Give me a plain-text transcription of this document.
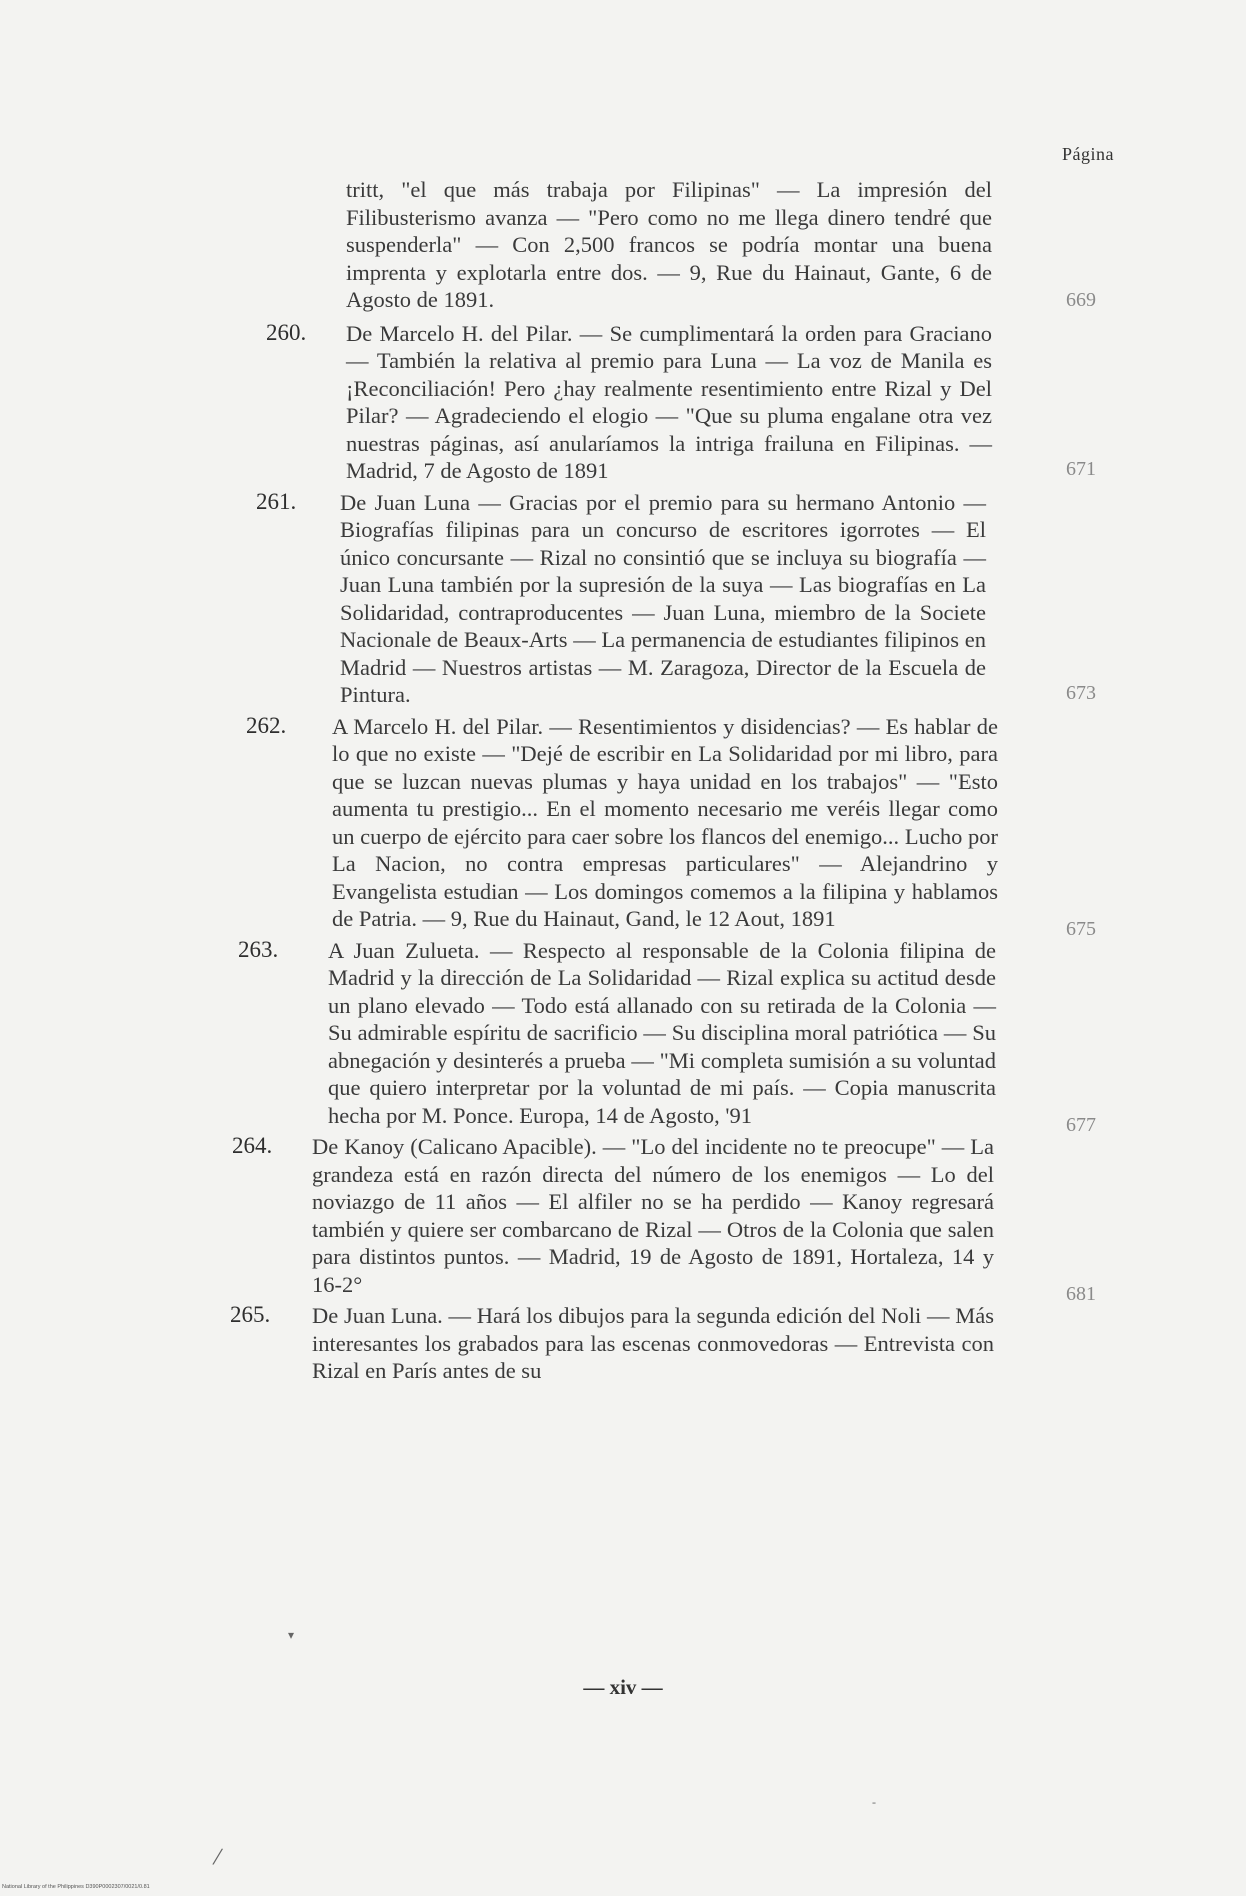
Página
tritt, "el que más trabaja por Filipinas" — La impresión del Filibusterismo avanza — "Pero como no me llega dinero tendré que suspenderla" — Con 2,500 francos se podría montar una buena imprenta y explotarla entre dos. — 9, Rue du Hainaut, Gante, 6 de Agosto de 1891.	669
260. De Marcelo H. del Pilar. — Se cumplimentará la orden para Graciano — También la relativa al premio para Luna — La voz de Manila es ¡Reconciliación! Pero ¿hay realmente resentimiento entre Rizal y Del Pilar? — Agradeciendo el elogio — "Que su pluma engalane otra vez nuestras páginas, así anularíamos la intriga frailuna en Filipinas. — Madrid, 7 de Agosto de 1891	671
261. De Juan Luna — Gracias por el premio para su hermano Antonio — Biografías filipinas para un concurso de escritores igorrotes — El único concursante — Rizal no consintió que se incluya su biografía — Juan Luna también por la supresión de la suya — Las biografías en La Solidaridad, contraproducentes — Juan Luna, miembro de la Societe Nacionale de Beaux-Arts — La permanencia de estudiantes filipinos en Madrid — Nuestros artistas — M. Zaragoza, Director de la Escuela de Pintura.	673
262. A Marcelo H. del Pilar. — Resentimientos y disidencias? — Es hablar de lo que no existe — "Dejé de escribir en La Solidaridad por mi libro, para que se luzcan nuevas plumas y haya unidad en los trabajos" — "Esto aumenta tu prestigio... En el momento necesario me veréis llegar como un cuerpo de ejército para caer sobre los flancos del enemigo... Lucho por La Nacion, no contra empresas particulares" — Alejandrino y Evangelista estudian — Los domingos comemos a la filipina y hablamos de Patria. — 9, Rue du Hainaut, Gand, le 12 Aout, 1891	675
263. A Juan Zulueta. — Respecto al responsable de la Colonia filipina de Madrid y la dirección de La Solidaridad — Rizal explica su actitud desde un plano elevado — Todo está allanado con su retirada de la Colonia — Su admirable espíritu de sacrificio — Su disciplina moral patriótica — Su abnegación y desinterés a prueba — "Mi completa sumisión a su voluntad que quiero interpretar por la voluntad de mi país. — Copia manuscrita hecha por M. Ponce. Europa, 14 de Agosto, '91	677
264. De Kanoy (Calicano Apacible). — "Lo del incidente no te preocupe" — La grandeza está en razón directa del número de los enemigos — Lo del noviazgo de 11 años — El alfiler no se ha perdido — Kanoy regresará también y quiere ser combarcano de Rizal — Otros de la Colonia que salen para distintos puntos. — Madrid, 19 de Agosto de 1891, Hortaleza, 14 y 16-2°	681
265. De Juan Luna. — Hará los dibujos para la segunda edición del Noli — Más interesantes los grabados para las escenas conmovedoras — Entrevista con Rizal en París antes de su
— xiv —
▾
-
/
National Library of the Philippines D390P0002307/0021/0.81
